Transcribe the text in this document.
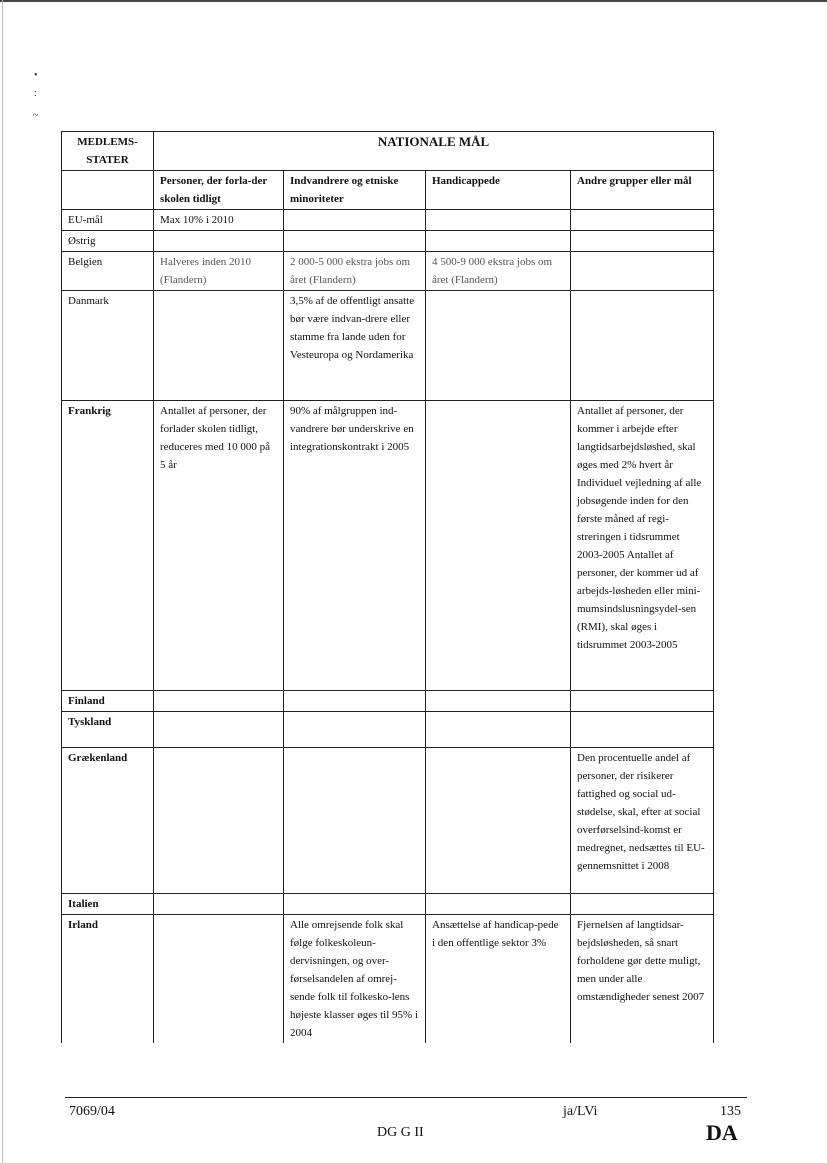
•
:
~
MEDLEMS-STATER	NATIONALE MÅL			
	Personer, der forla-der skolen tidligt	Indvandrere og etniske minoriteter	Handicappede	Andre grupper eller mål
EU-mål	Max 10% i 2010			
Østrig				
Belgien	Halveres inden 2010 (Flandern)	2 000-5 000 ekstra jobs om året (Flandern)	4 500-9 000 ekstra jobs om året (Flandern)	
Danmark		3,5% af de offentligt ansatte bør være indvan-drere eller stamme fra lande uden for Vesteuropa og Nordamerika		
Frankrig	Antallet af personer, der forlader skolen tidligt, reduceres med 10 000 på 5 år	90% af målgruppen ind-vandrere bør underskrive en integrationskontrakt i 2005		Antallet af personer, der kommer i arbejde efter langtidsarbejdsløshed, skal øges med 2% hvert år Individuel vejledning af alle jobsøgende inden for den første måned af regi-streringen i tidsrummet 2003-2005 Antallet af personer, der kommer ud af arbejds-løsheden eller mini-mumsindslusningsydel-sen (RMI), skal øges i tidsrummet 2003-2005
Finland				
Tyskland				
Grækenland				Den procentuelle andel af personer, der risikerer fattighed og social ud-stødelse, skal, efter at social overførselsind-komst er medregnet, nedsættes til EU-gennemsnittet i 2008
Italien				
Irland		Alle omrejsende folk skal følge folkeskoleun-dervisningen, og over-førselsandelen af omrej-sende folk til folkesko-lens højeste klasser øges til 95% i 2004	Ansættelse af handicap-pede i den offentlige sektor 3%	Fjernelsen af langtidsar-bejdsløsheden, så snart forholdene gør dette muligt, men under alle omstændigheder senest 2007
7069/04	ja/LVi	135
DG G II	DA
